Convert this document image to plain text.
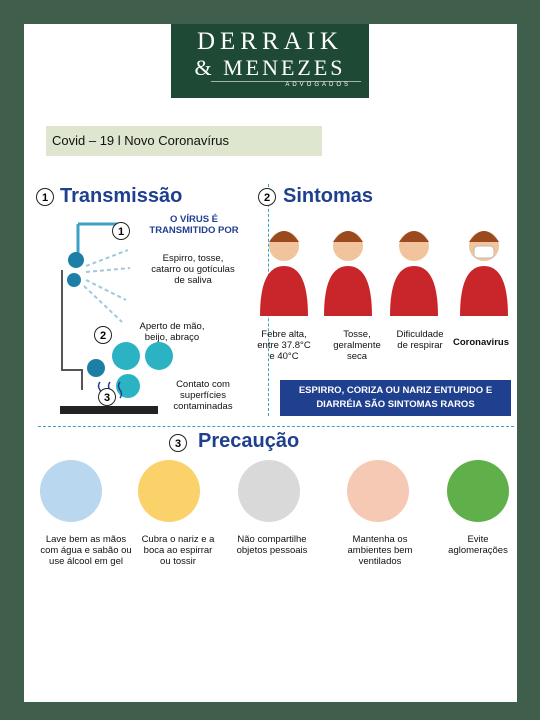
DERRAIK
& MENEZES
ADVOGADOS
Covid – 19 l Novo Coronavírus
1 Transmissão
1
O VÍRUS É TRANSMITIDO POR
Espirro, tosse, catarro ou gotículas de saliva
2
Aperto de mão, beijo, abraço
3
Contato com superfícies contaminadas
2 Sintomas
Febre alta, entre 37.8°C e 40°C
Tosse, geralmente seca
Dificuldade de respirar	Coronavirus
ESPIRRO, CORIZA OU NARIZ ENTUPIDO E DIARRÉIA SÃO SINTOMAS RAROS
3 Precaução
Lave bem as mãos com água e sabão ou use álcool em gel
Cubra o nariz e a boca ao espirrar ou tossir
Não compartilhe objetos pessoais
Mantenha os ambientes bem ventilados
Evite aglomerações
